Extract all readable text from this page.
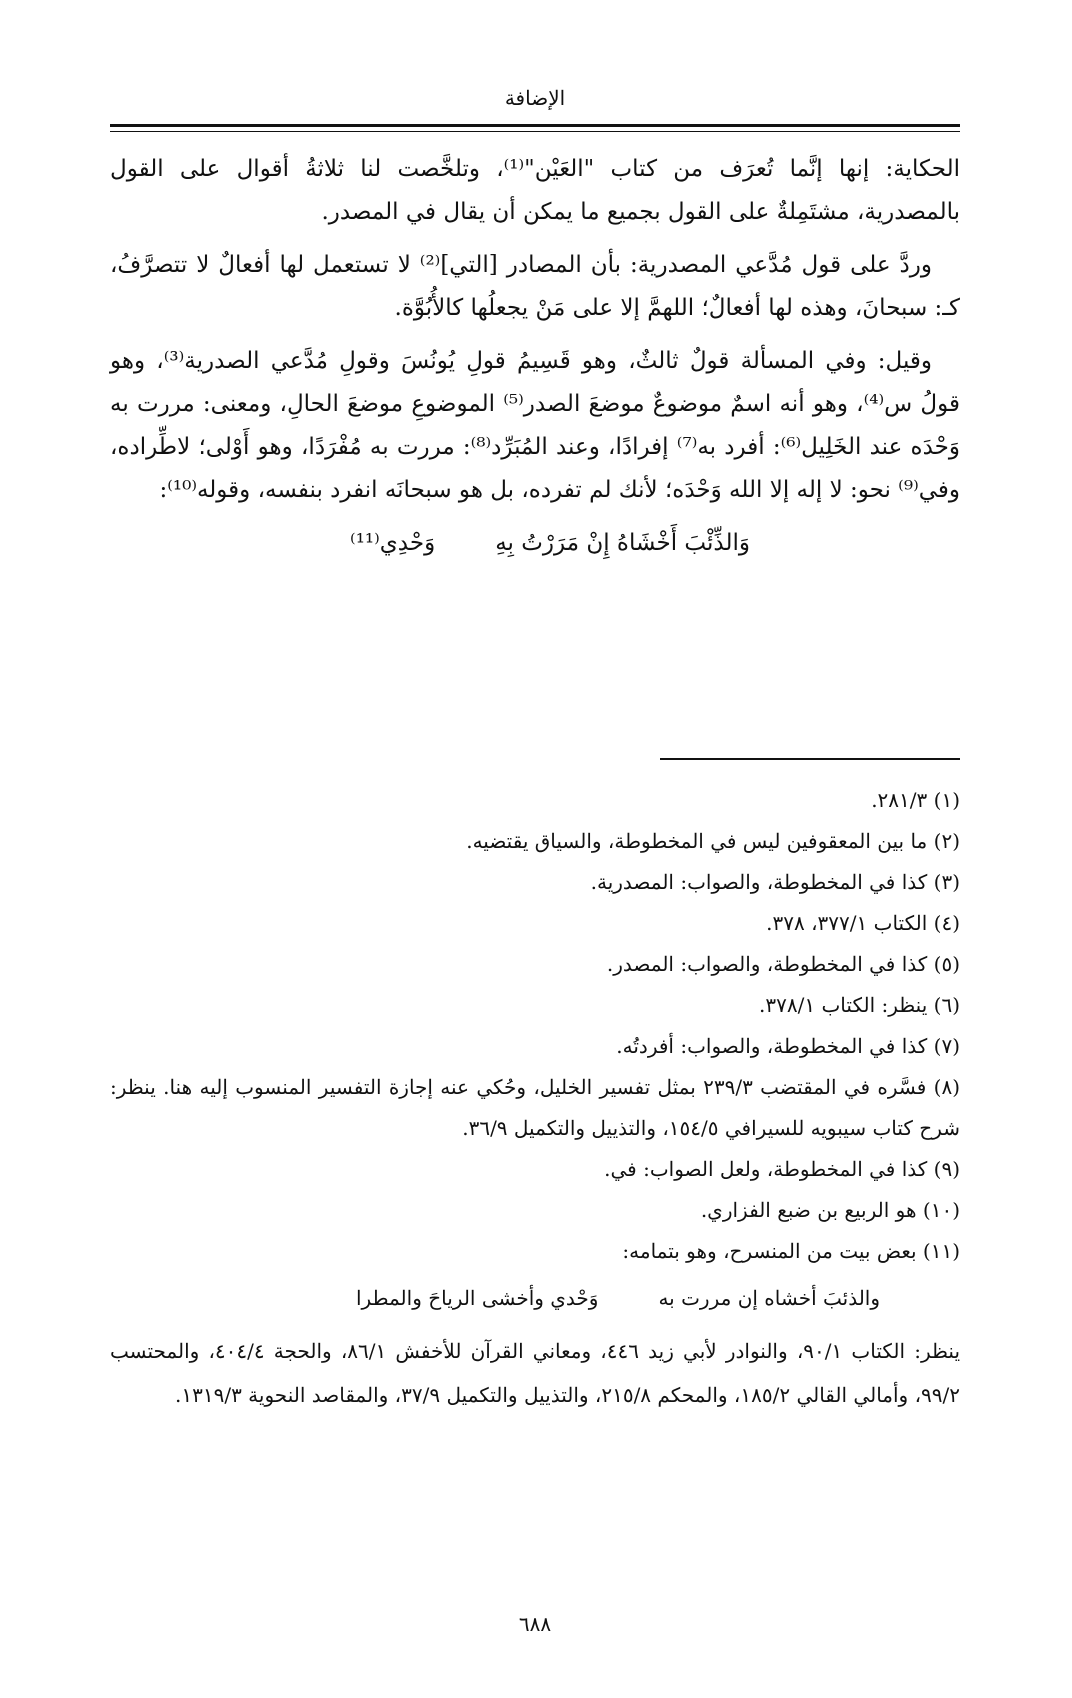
الإضافة

الحكاية: إنها إنَّما تُعرَف من كتاب "العَيْن"⁽¹⁾، وتلخَّصت لنا ثلاثةُ أقوال على القول بالمصدرية، مشتَمِلةٌ على القول بجميع ما يمكن أن يقال في المصدر.

وردَّ على قول مُدَّعي المصدرية: بأن المصادر [التي]⁽²⁾ لا تستعمل لها أفعالٌ لا تتصرَّفُ، كـ: سبحانَ، وهذه لها أفعالٌ؛ اللهمَّ إلا على مَنْ يجعلُها كالأُبُوَّة.

وقيل: وفي المسألة قولٌ ثالثٌ، وهو قَسِيمُ قولِ يُونُسَ وقولِ مُدَّعي الصدرية⁽³⁾، وهو قولُ س⁽⁴⁾، وهو أنه اسمٌ موضوعٌ موضعَ الصدر⁽⁵⁾ الموضوعِ موضعَ الحالِ، ومعنى: مررت به وَحْدَه عند الخَلِيل⁽⁶⁾: أفرد به⁽⁷⁾ إفرادًا، وعند المُبَرِّد⁽⁸⁾: مررت به مُفْرَدًا، وهو أَوْلى؛ لاطِّراده، وفي⁽⁹⁾ نحو: لا إله إلا الله وَحْدَه؛ لأنك لم تفرده، بل هو سبحانَه انفرد بنفسه، وقوله⁽¹⁰⁾:

وَالذِّئْبَ أَخْشَاهُ إِنْ مَرَرْتُ بِهِ
وَحْدِي⁽¹¹⁾

(١) ٢٨١/٣.

(٢) ما بين المعقوفين ليس في المخطوطة، والسياق يقتضيه.

(٣) كذا في المخطوطة، والصواب: المصدرية.

(٤) الكتاب ٣٧٧/١، ٣٧٨.

(٥) كذا في المخطوطة، والصواب: المصدر.

(٦) ينظر: الكتاب ٣٧٨/١.

(٧) كذا في المخطوطة، والصواب: أفردتُه.

(٨) فسَّره في المقتضب ٢٣٩/٣ بمثل تفسير الخليل، وحُكي عنه إجازة التفسير المنسوب إليه هنا. ينظر: شرح كتاب سيبويه للسيرافي ١٥٤/٥، والتذييل والتكميل ٣٦/٩.

(٩) كذا في المخطوطة، ولعل الصواب: في.

(١٠) هو الربيع بن ضبع الفزاري.

(١١) بعض بيت من المنسرح، وهو بتمامه:

والذئبَ أخشاه إن مررت به
وَحْدي وأخشى الرياحَ والمطرا

ينظر: الكتاب ٩٠/١، والنوادر لأبي زيد ٤٤٦، ومعاني القرآن للأخفش ٨٦/١، والحجة ٤٠٤/٤، والمحتسب ٩٩/٢، وأمالي القالي ١٨٥/٢، والمحكم ٢١٥/٨، والتذييل والتكميل ٣٧/٩، والمقاصد النحوية ١٣١٩/٣.

٦٨٨
